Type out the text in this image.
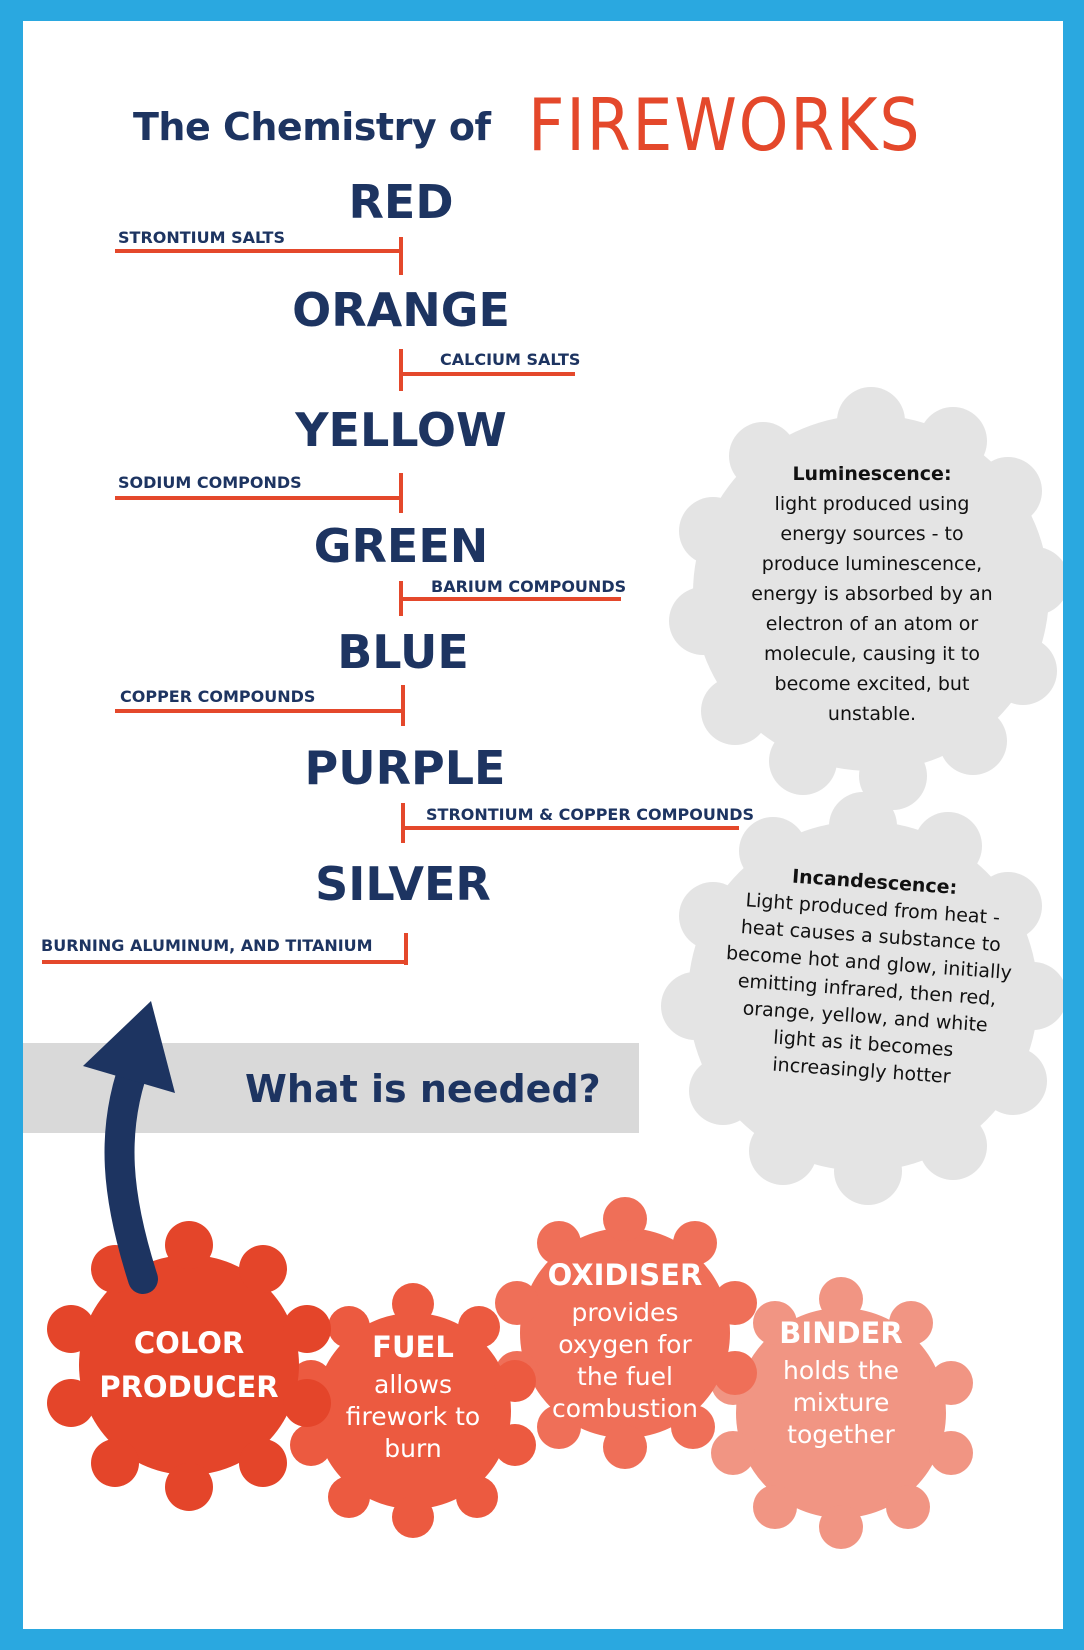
The Chemistry of FIREWORKS
RED
ORANGE
YELLOW
GREEN
BLUE
PURPLE
SILVER
STRONTIUM SALTS
CALCIUM SALTS
SODIUM COMPONDS
BARIUM COMPOUNDS
COPPER COMPOUNDS
STRONTIUM & COPPER COMPOUNDS
BURNING ALUMINUM, AND TITANIUM
Luminescence:
light produced using energy sources - to produce luminescence, energy is absorbed by an electron of an atom or molecule, causing it to become excited, but unstable.
Incandescence:
Light produced from heat - heat causes a substance to become hot and glow, initially emitting infrared, then red, orange, yellow, and white light as it becomes increasingly hotter
What is needed?
COLOR PRODUCER
FUEL
allows firework to burn
OXIDISER
provides oxygen for the fuel combustion
BINDER
holds the mixture together
